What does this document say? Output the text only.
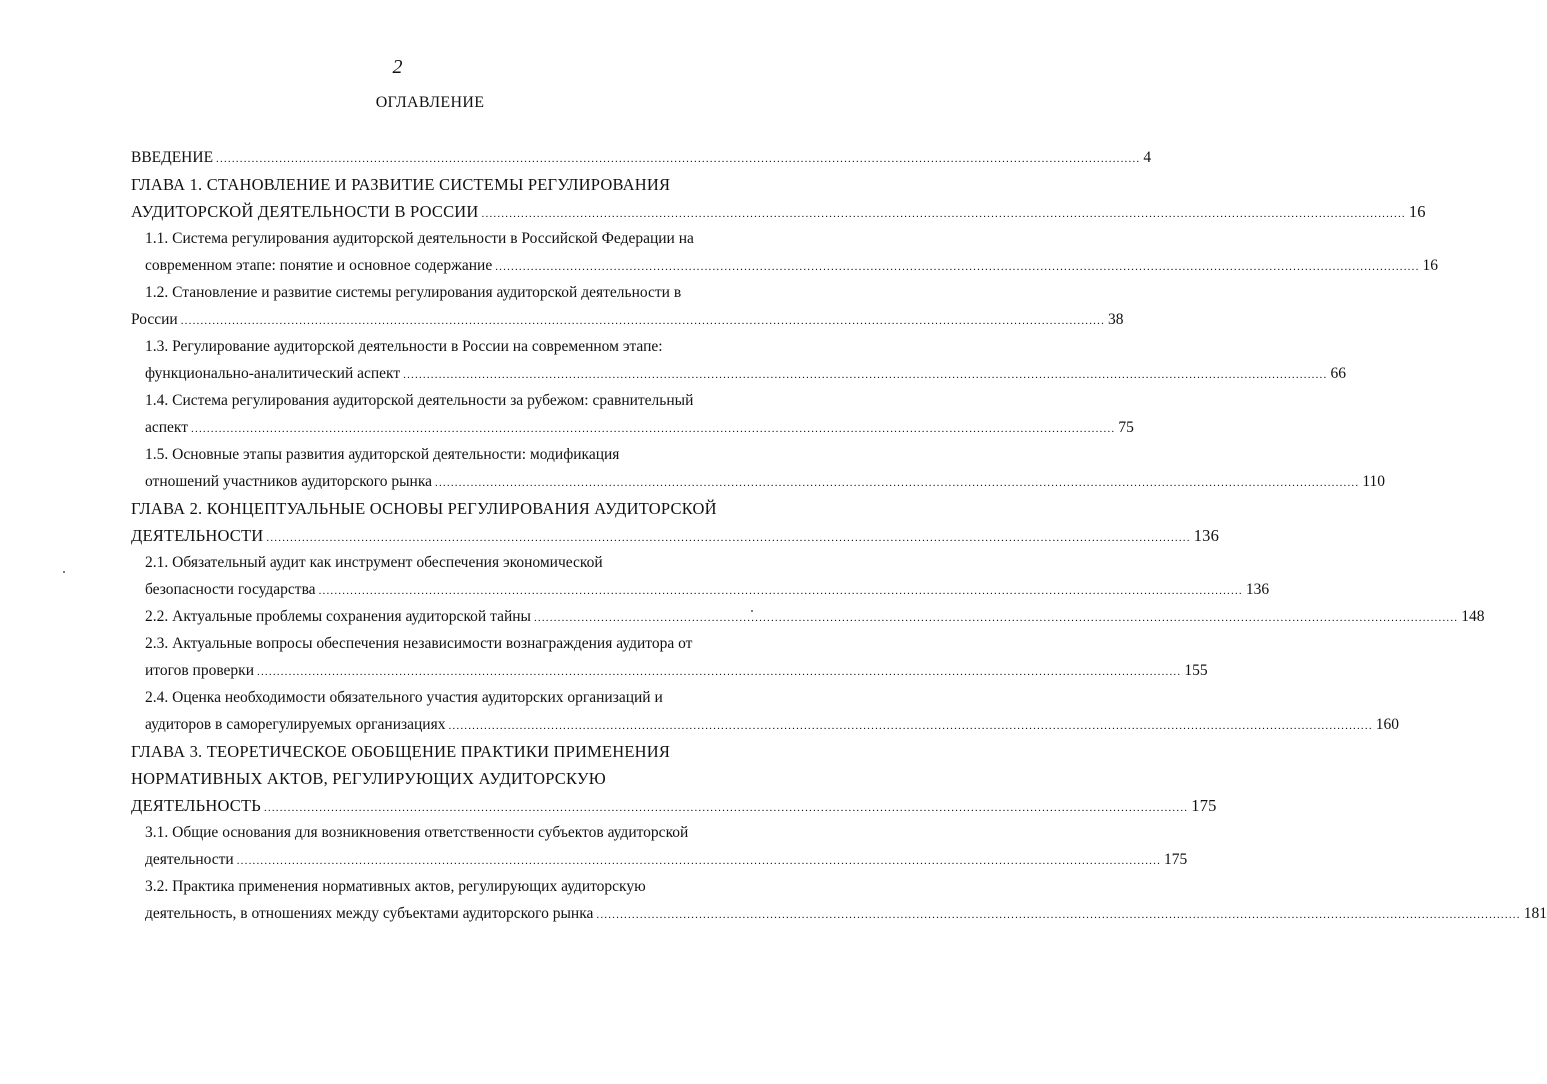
2
ОГЛАВЛЕНИЕ
ВВЕДЕНИЕ .......................................................................................................................................................................................................................................... 4
ГЛАВА 1. СТАНОВЛЕНИЕ И РАЗВИТИЕ СИСТЕМЫ РЕГУЛИРОВАНИЯ
АУДИТОРСКОЙ ДЕЯТЕЛЬНОСТИ В РОССИИ .......................................................................................................................................................................................................................................... 16
1.1. Система регулирования аудиторской деятельности в Российской Федерации на
современном этапе: понятие и основное содержание .......................................................................................................................................................................................................................................... 16
1.2. Становление и развитие системы регулирования аудиторской деятельности в
России .......................................................................................................................................................................................................................................... 38
1.3. Регулирование аудиторской деятельности в России на современном этапе:
функционально-аналитический аспект .......................................................................................................................................................................................................................................... 66
1.4. Система регулирования аудиторской деятельности за рубежом: сравнительный
аспект .......................................................................................................................................................................................................................................... 75
1.5. Основные этапы развития аудиторской деятельности: модификация
отношений участников аудиторского рынка .......................................................................................................................................................................................................................................... 110
ГЛАВА 2. КОНЦЕПТУАЛЬНЫЕ ОСНОВЫ РЕГУЛИРОВАНИЯ АУДИТОРСКОЙ
ДЕЯТЕЛЬНОСТИ .......................................................................................................................................................................................................................................... 136
2.1. Обязательный аудит как инструмент обеспечения экономической
безопасности государства .......................................................................................................................................................................................................................................... 136
2.2. Актуальные проблемы сохранения аудиторской тайны .......................................................................................................................................................................................................................................... 148
2.3. Актуальные вопросы обеспечения независимости вознаграждения аудитора от
итогов проверки .......................................................................................................................................................................................................................................... 155
2.4. Оценка необходимости обязательного участия аудиторских организаций и
аудиторов в саморегулируемых организациях .......................................................................................................................................................................................................................................... 160
ГЛАВА 3. ТЕОРЕТИЧЕСКОЕ ОБОБЩЕНИЕ ПРАКТИКИ ПРИМЕНЕНИЯ
НОРМАТИВНЫХ АКТОВ, РЕГУЛИРУЮЩИХ АУДИТОРСКУЮ
ДЕЯТЕЛЬНОСТЬ .......................................................................................................................................................................................................................................... 175
3.1. Общие основания для возникновения ответственности субъектов аудиторской
деятельности .......................................................................................................................................................................................................................................... 175
3.2. Практика применения нормативных актов, регулирующих аудиторскую
деятельность, в отношениях между субъектами аудиторского рынка .......................................................................................................................................................................................................................................... 181
